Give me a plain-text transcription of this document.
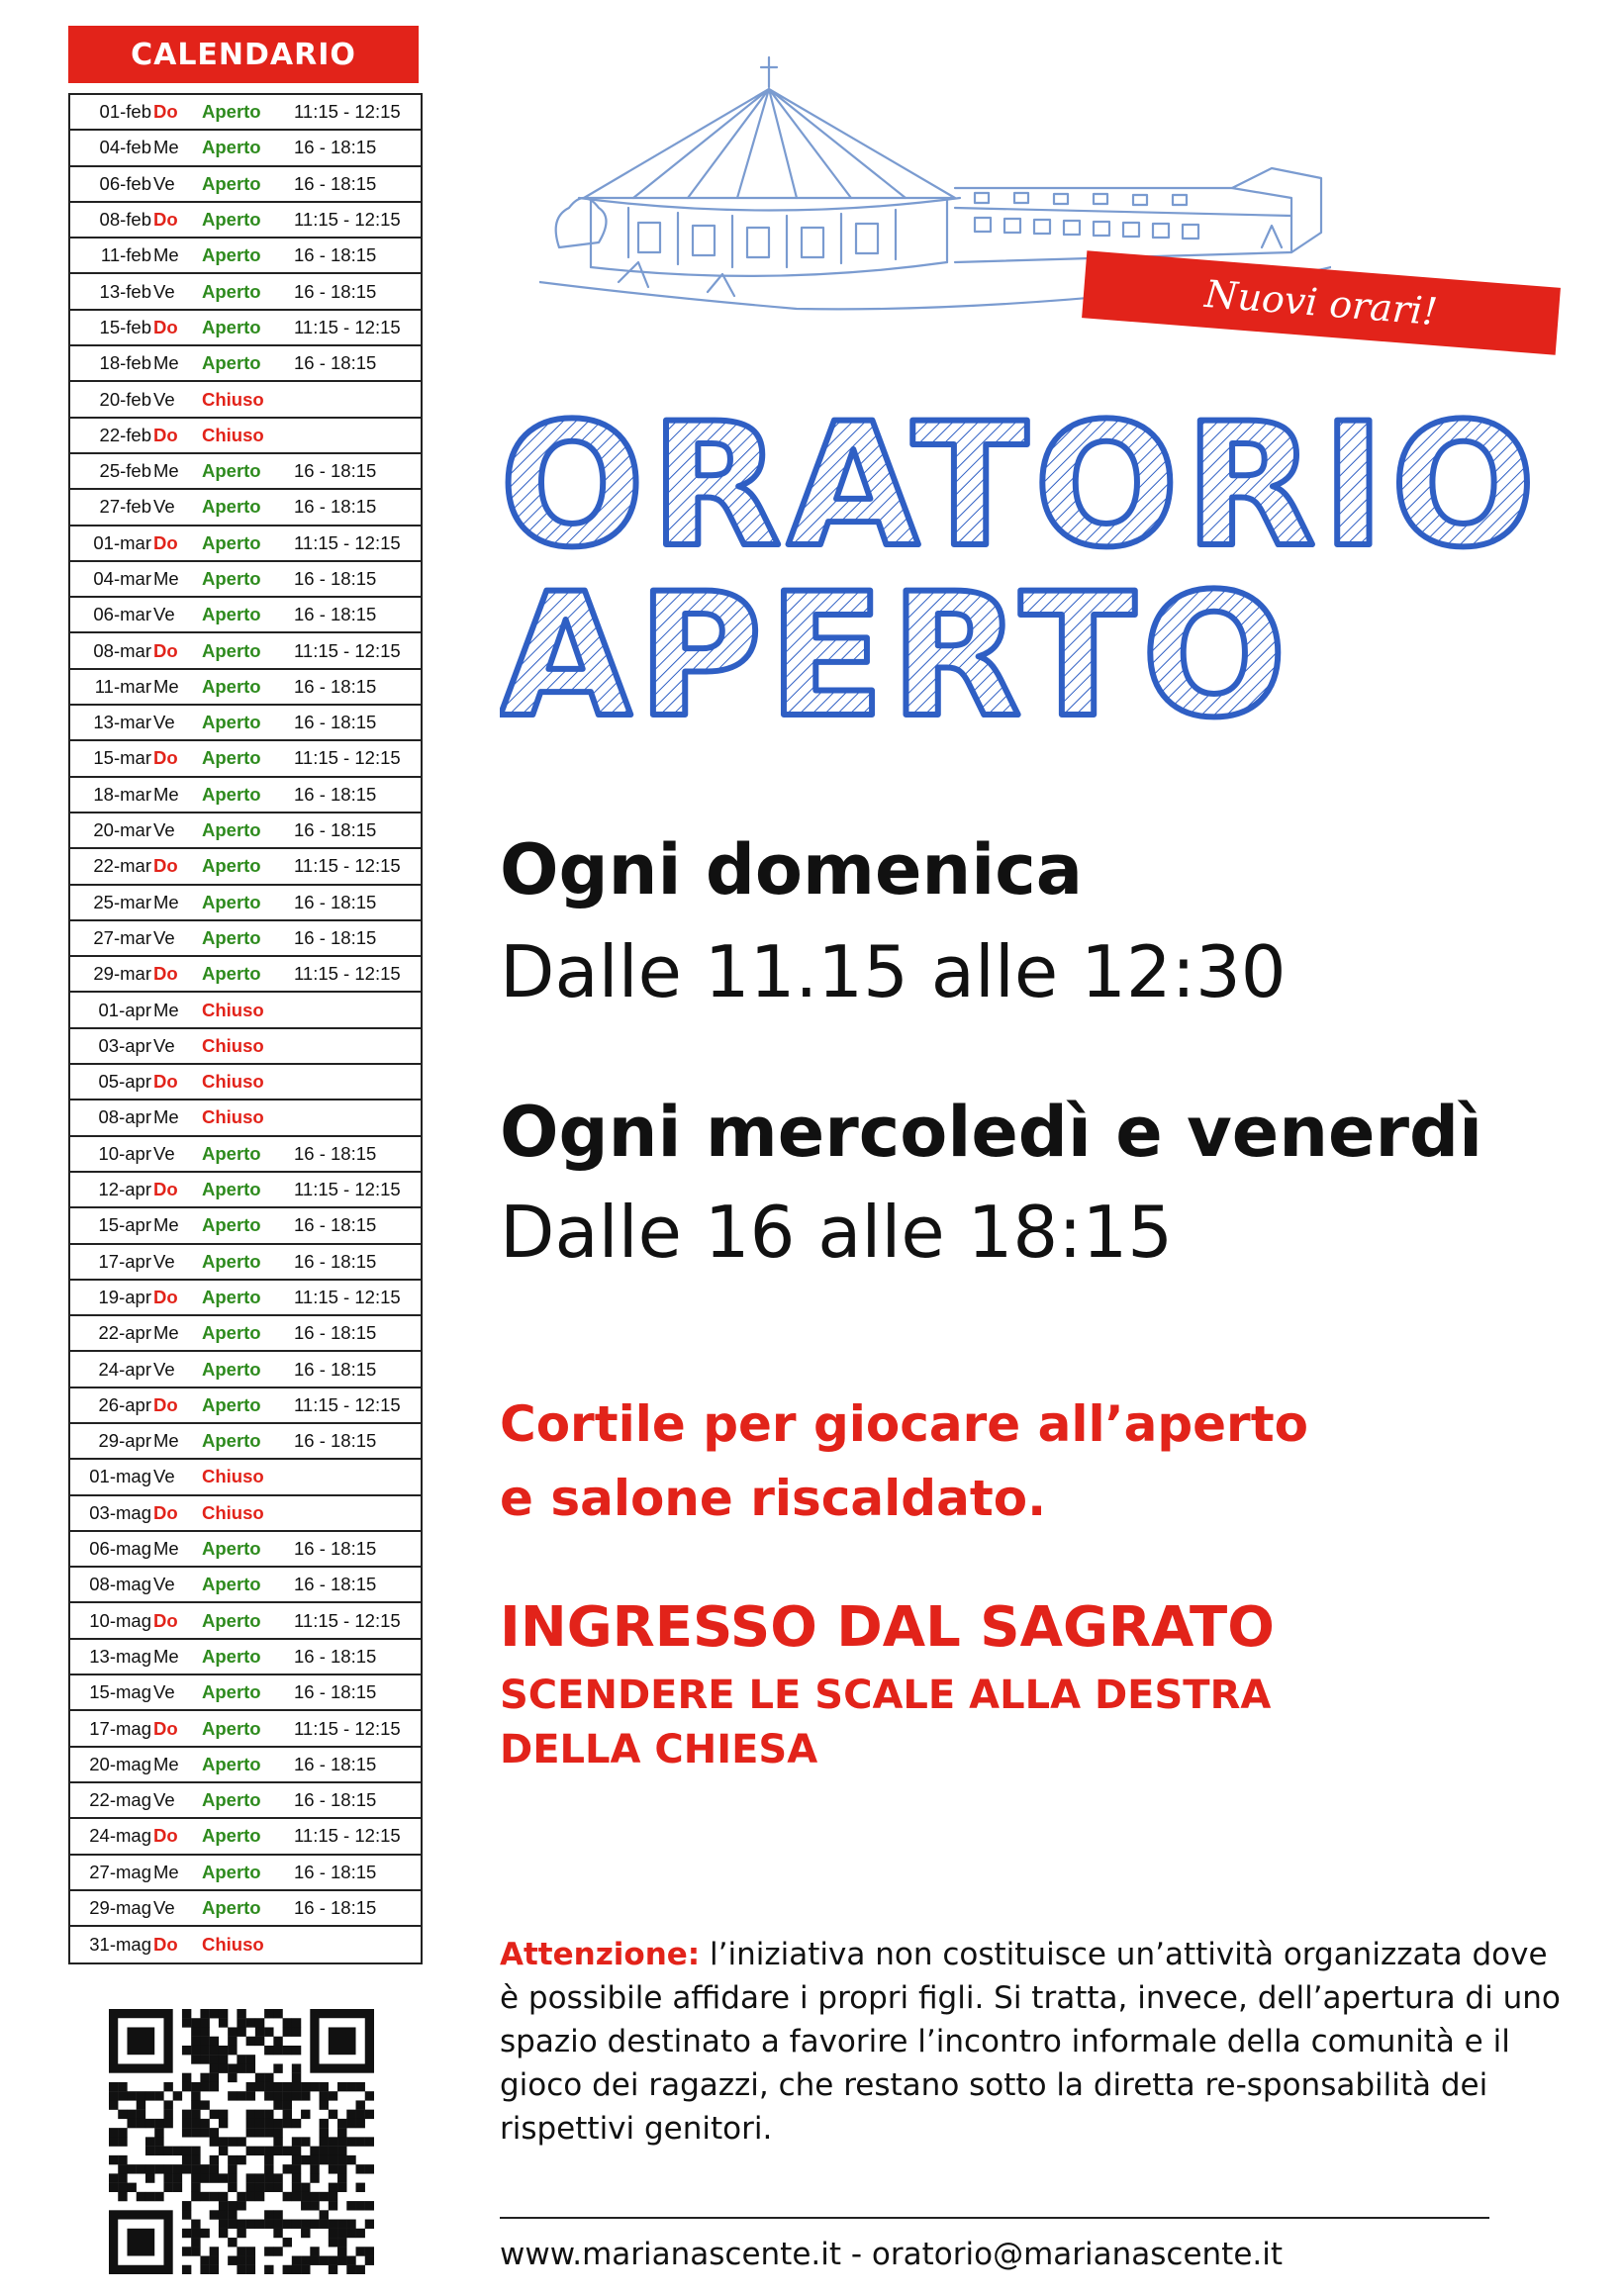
CALENDARIO
01-feb Do	Aperto	11:15 - 12:15
04-feb Me	Aperto	16 - 18:15
06-feb Ve	Aperto	16 - 18:15
08-feb Do	Aperto	11:15 - 12:15
11-feb Me	Aperto	16 - 18:15
13-feb Ve	Aperto	16 - 18:15
15-feb Do	Aperto	11:15 - 12:15
18-feb Me	Aperto	16 - 18:15
20-feb Ve	Chiuso
22-feb Do	Chiuso
25-feb Me	Aperto	16 - 18:15
27-feb Ve	Aperto	16 - 18:15
01-mar Do	Aperto	11:15 - 12:15
04-mar Me	Aperto	16 - 18:15
06-mar Ve	Aperto	16 - 18:15
08-mar Do	Aperto	11:15 - 12:15
11-mar Me	Aperto	16 - 18:15
13-mar Ve	Aperto	16 - 18:15
15-mar Do	Aperto	11:15 - 12:15
18-mar Me	Aperto	16 - 18:15
20-mar Ve	Aperto	16 - 18:15
22-mar Do	Aperto	11:15 - 12:15
25-mar Me	Aperto	16 - 18:15
27-mar Ve	Aperto	16 - 18:15
29-mar Do	Aperto	11:15 - 12:15
01-apr Me	Chiuso
03-apr Ve	Chiuso
05-apr Do	Chiuso
08-apr Me	Chiuso
10-apr Ve	Aperto	16 - 18:15
12-apr Do	Aperto	11:15 - 12:15
15-apr Me	Aperto	16 - 18:15
17-apr Ve	Aperto	16 - 18:15
19-apr Do	Aperto	11:15 - 12:15
22-apr Me	Aperto	16 - 18:15
24-apr Ve	Aperto	16 - 18:15
26-apr Do	Aperto	11:15 - 12:15
29-apr Me	Aperto	16 - 18:15
01-mag Ve	Chiuso
03-mag Do	Chiuso
06-mag Me	Aperto	16 - 18:15
08-mag Ve	Aperto	16 - 18:15
10-mag Do	Aperto	11:15 - 12:15
13-mag Me	Aperto	16 - 18:15
15-mag Ve	Aperto	16 - 18:15
17-mag Do	Aperto	11:15 - 12:15
20-mag Me	Aperto	16 - 18:15
22-mag Ve	Aperto	16 - 18:15
24-mag Do	Aperto	11:15 - 12:15
27-mag Me	Aperto	16 - 18:15
29-mag Ve	Aperto	16 - 18:15
31-mag Do	Chiuso
Nuovi orari!
ORATORIO
APERTO
Ogni domenica
Dalle 11.15 alle 12:30
Ogni mercoledì e venerdì
Dalle 16 alle 18:15
Cortile per giocare all’aperto
e salone riscaldato.
INGRESSO DAL SAGRATO
SCENDERE LE SCALE ALLA DESTRA
DELLA CHIESA
Attenzione: l’iniziativa non costituisce un’attività organizzata dove è possibile affidare i propri figli. Si tratta, invece, dell’apertura di uno spazio destinato a favorire l’incontro informale della comunità e il gioco dei ragazzi, che restano sotto la diretta re-sponsabilità dei rispettivi genitori.
www.marianascente.it - oratorio@marianascente.it
